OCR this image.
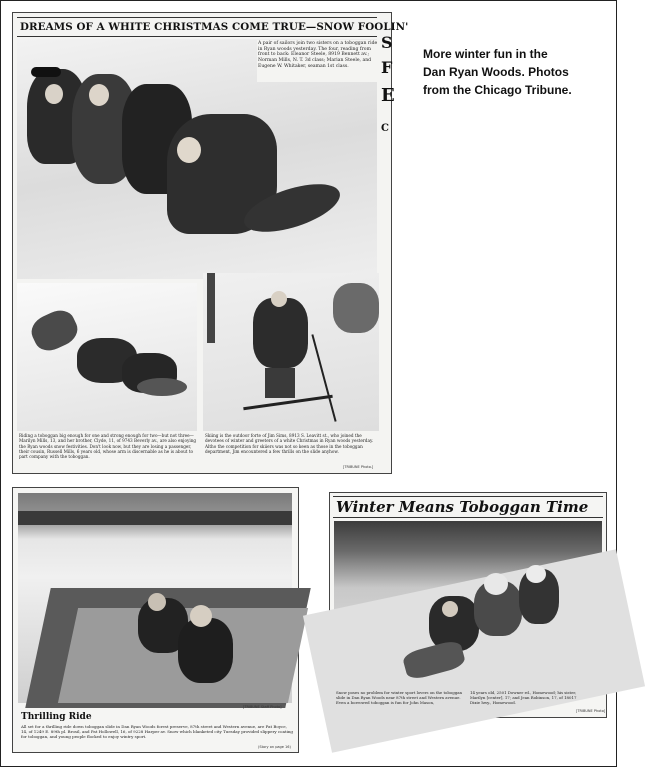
DREAMS OF A WHITE CHRISTMAS COME TRUE—SNOW FOOLIN'
A pair of sailors join two sisters on a toboggan ride in Ryan woods yesterday. The four, reading from front to back: Eleanor Steele, 8919 Bennett av.; Norman Mills, N. T. 3d class; Marian Steele, and Eugene W. Whitaker, seaman 1st class.
Riding a toboggan big enough for one and strong enough for two—but not three—Marilyn Mills, 13, and her brother, Clyde, 11, of 9743 Beverly av., are also enjoying the Ryan woods snow festivities. Don't look now, but they are losing a passenger, their cousin, Russell Mills, 6 years old, whose arm is discernable as he is about to part company with the toboggan.
Skiing is the outdoor forte of Jim Sims, 8913 S. Leavitt st., who joined the devotees of winter and greeters of a white Christmas in Ryan woods yesterday. Altho the competition for skiiers was not so keen as those in the toboggan department, Jim encountered a few thrills on the slide anyhow.
[TRIBUNE Photo.]
S
F
E
C
More winter fun in the
Dan Ryan Woods. Photos
from the Chicago Tribune.
[TRIBUNE Staff Photo]
Thrilling Ride
All set for a thrilling ride down toboggan slide in Dan Ryan Woods forest preserve, 87th street and Western avenue, are Pat Boyce, 14, of 1249 E. 89th pl. Brosil, and Pat Hollowell, 16, of 9228 Harper av. Snow which blanketed city Tuesday provided slippery coating for toboggan, and young people flocked to enjoy wintry sport.
(Story on page 16)
Winter Means Toboggan Time
Snow poses no problem for winter sport lovers on the toboggan slide in Dan Ryan Woods near 87th street and Western avenue. Even a borrowed toboggan is fun for John Mason,
14 years old, 2501 Downer rd., Homewood; his sister, Marilyn [center], 17; and Jean Robinson, 17, of 18017 Dixie hwy., Homewood.
[TRIBUNE Photo]
